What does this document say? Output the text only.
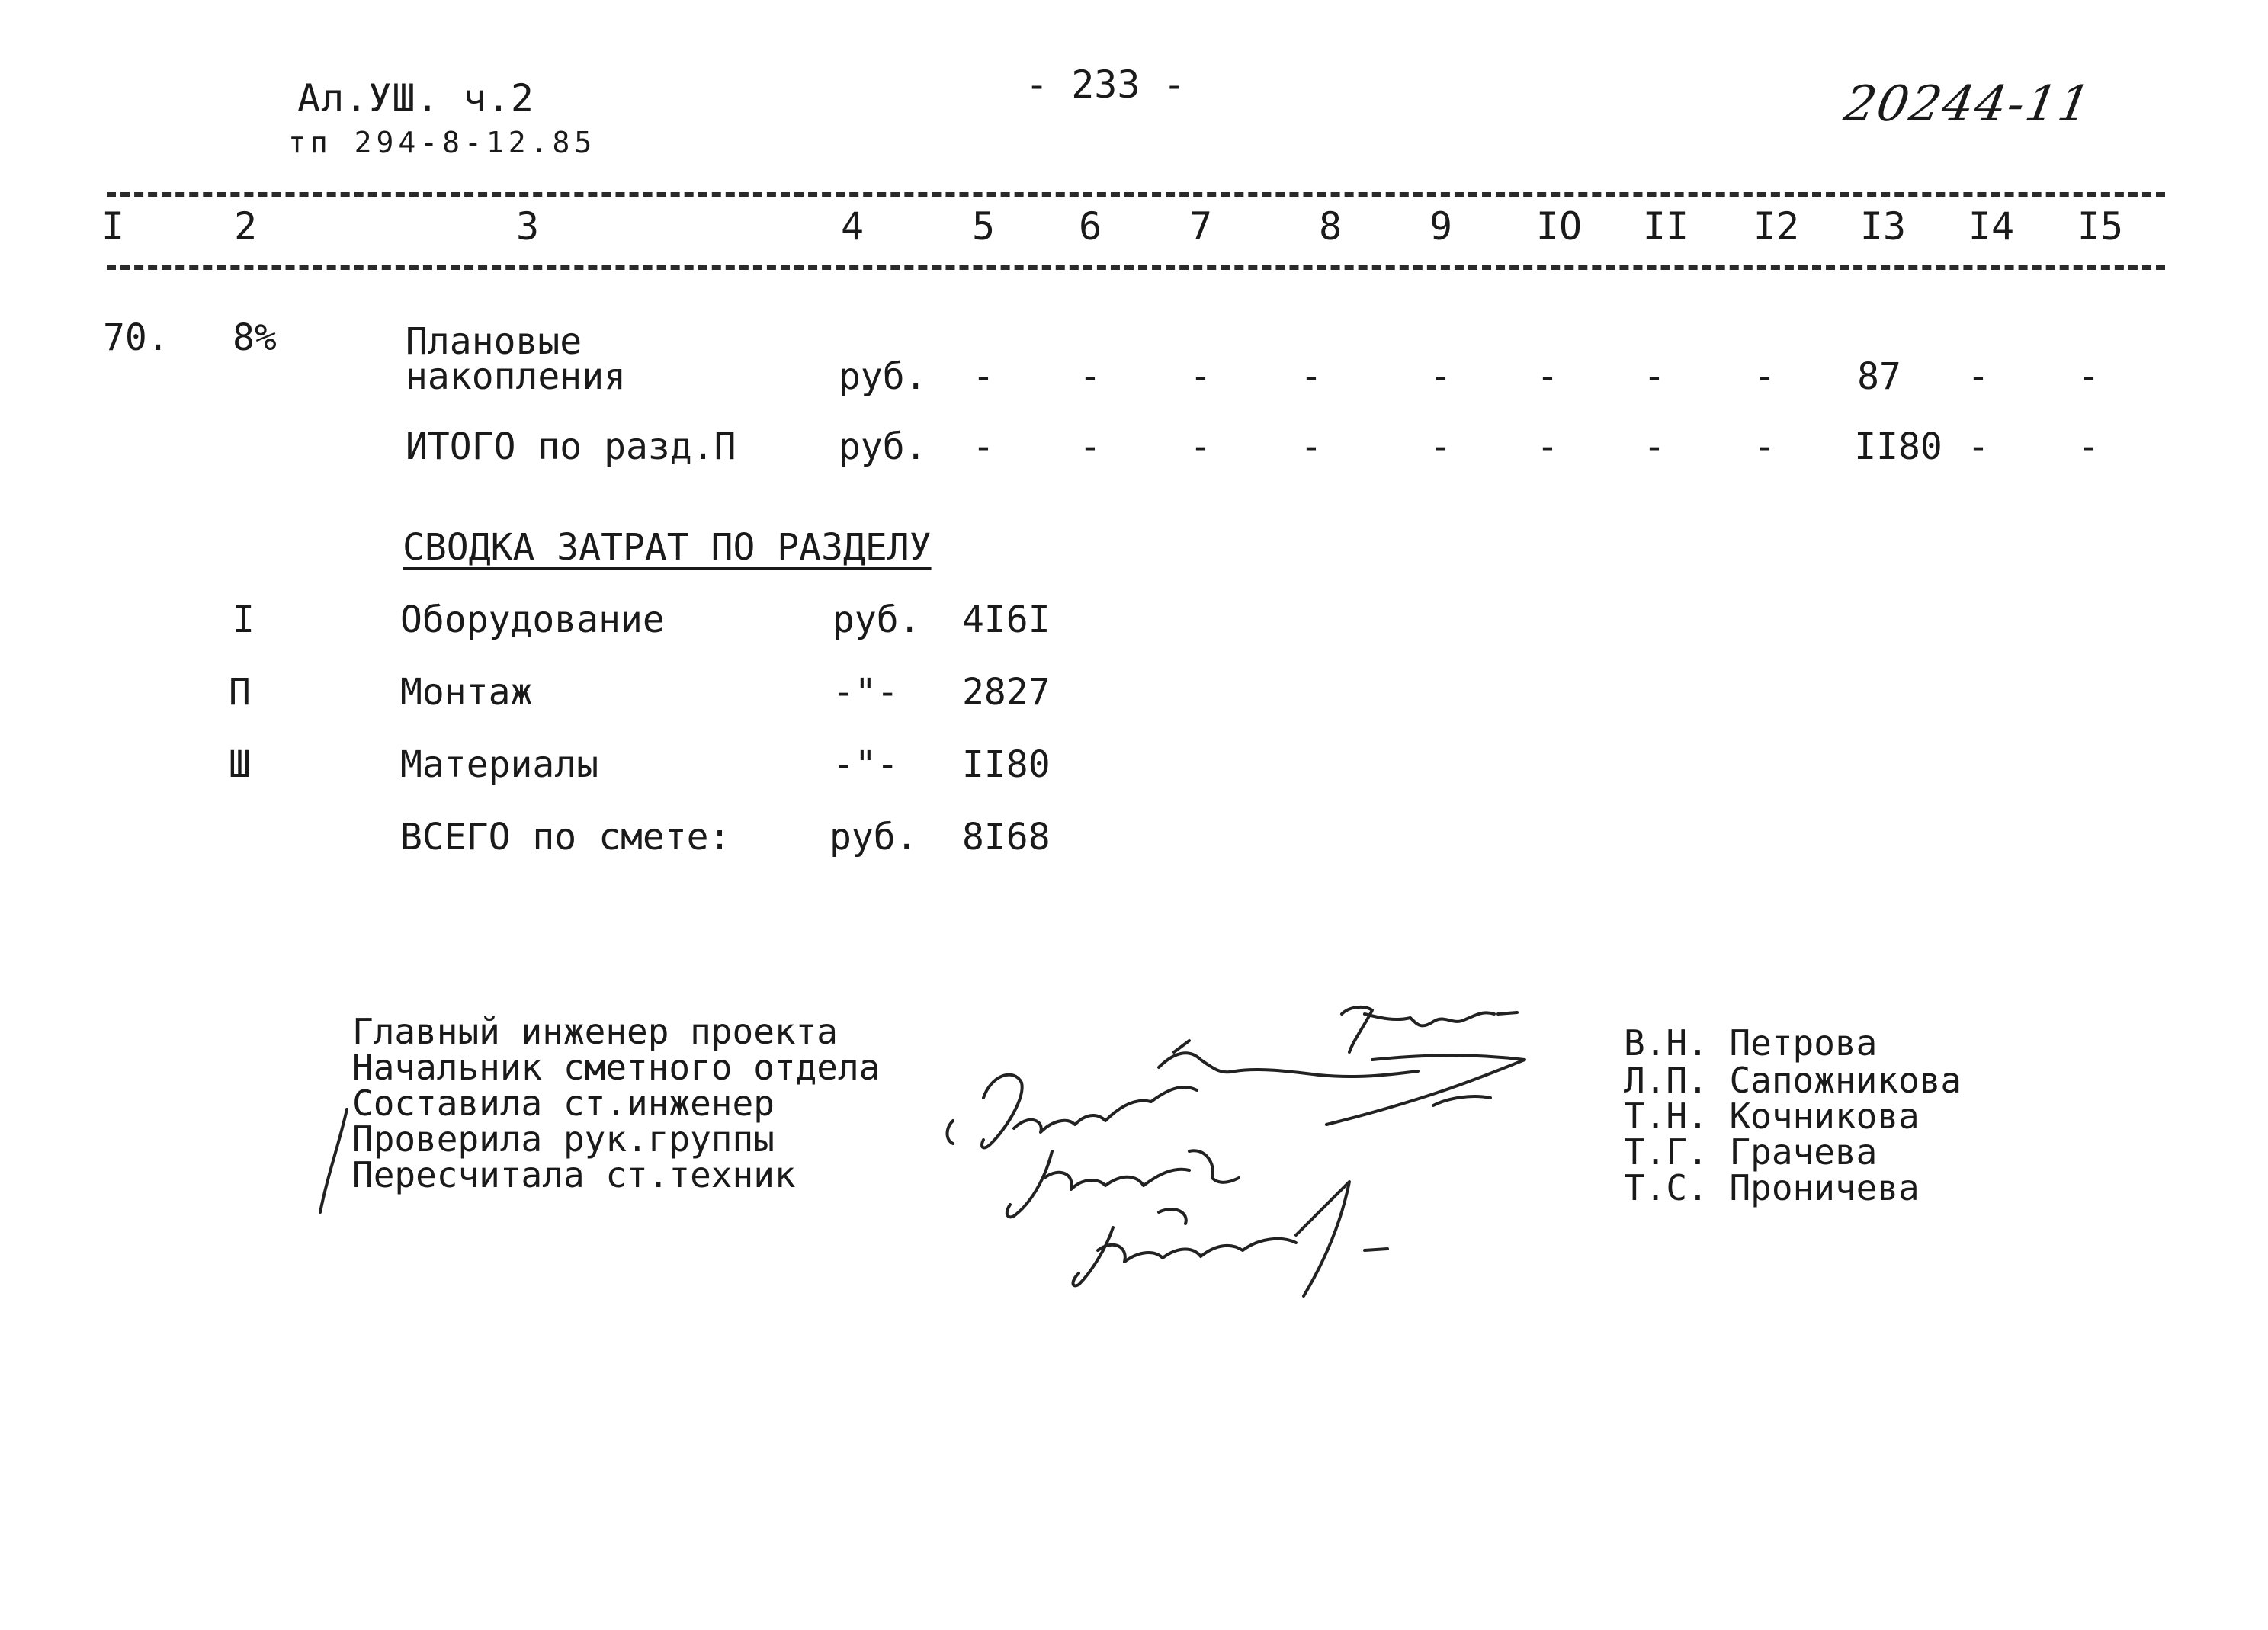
Ал.УШ. ч.2
тп 294-8-12.85
- 233 -	20244-11
I	2	3	4	5 6 7	8 9 IO II I2 I3 I4 I5
70. 8%	Плановые
накопления	руб. - - - -	- - - - 87 - -
ИТОГО по разд.П	руб. - - - -	- - - - II80 - -
СВОДКА ЗАТРАТ ПО РАЗДЕЛУ
I	Оборудование	руб. 4I6I
П	Монтаж	-"- 2827
Ш	Материалы	-"- II80
ВСЕГО по смете:	руб. 8I68
Главный инженер проекта
Начальник сметного отдела
Составила ст.инженер
Проверила рук.группы
Пересчитала ст.техник
В.Н. Петрова
Л.П. Сапожникова
Т.Н. Кочникова
Т.Г. Грачева
Т.С. Проничева
